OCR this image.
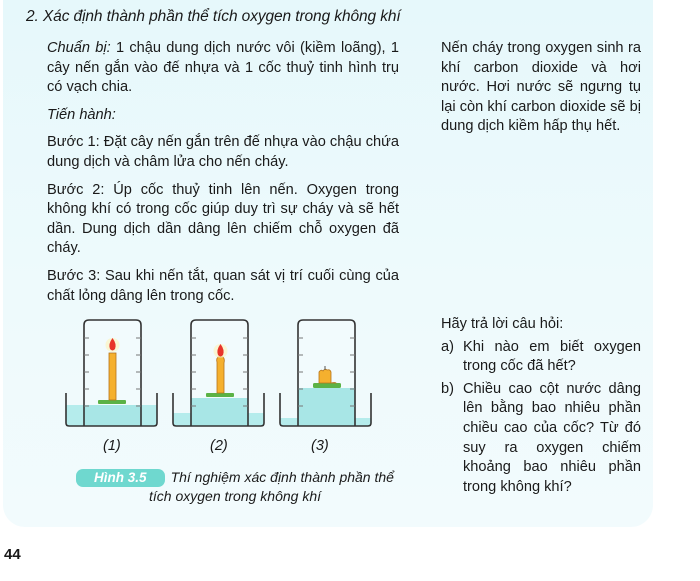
2. Xác định thành phần thể tích oxygen trong không khí

Chuẩn bị: 1 chậu dung dịch nước vôi (kiềm loãng), 1 cây nến gắn vào đế nhựa và 1 cốc thuỷ tinh hình trụ có vạch chia.

Tiến hành:

Bước 1: Đặt cây nến gắn trên đế nhựa vào chậu chứa dung dịch và châm lửa cho nến cháy.

Bước 2: Úp cốc thuỷ tinh lên nến. Oxygen trong không khí có trong cốc giúp duy trì sự cháy và sẽ hết dần. Dung dịch dần dâng lên chiếm chỗ oxygen đã cháy.

Bước 3: Sau khi nến tắt, quan sát vị trí cuối cùng của chất lỏng dâng lên trong cốc.

Nến cháy trong oxygen sinh ra khí carbon dioxide và hơi nước. Hơi nước sẽ ngưng tụ lại còn khí carbon dioxide sẽ bị dung dịch kiềm hấp thụ hết.

(1)	(2)	(3)
Hình 3.5 Thí nghiệm xác định thành phần thể tích oxygen trong không khí
Hãy trả lời câu hỏi:
a) Khi nào em biết oxygen trong cốc đã hết?
b) Chiều cao cột nước dâng lên bằng bao nhiêu phần chiều cao của cốc? Từ đó suy ra oxygen chiếm khoảng bao nhiêu phần trong không khí?
44
